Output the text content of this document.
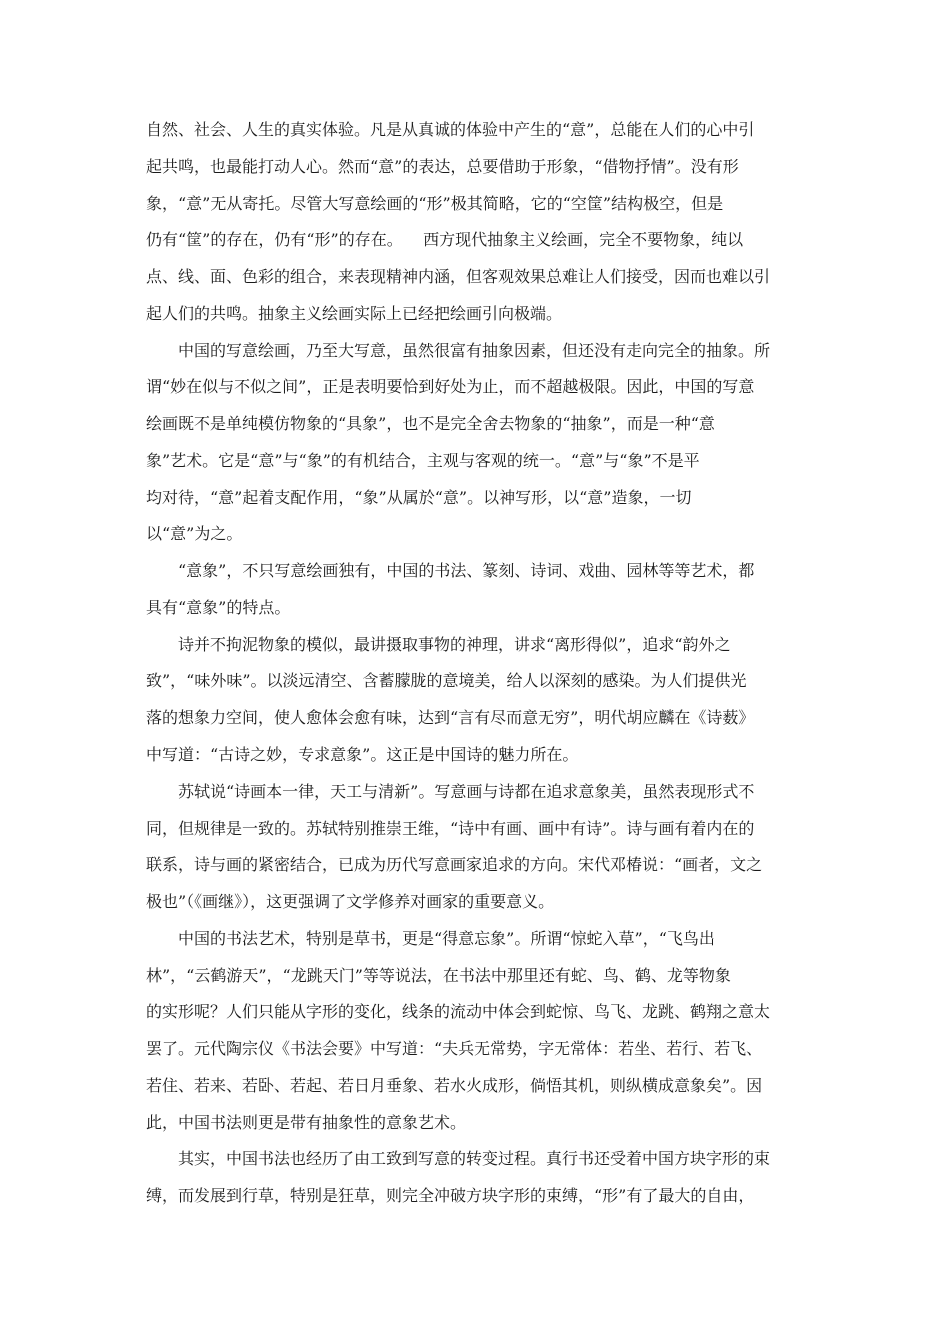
自然、社会、人生的真实体验。凡是从真诚的体验中产生的“意”，总能在人们的心中引
起共鸣，也最能打动人心。然而“意”的表达，总要借助于形象，“借物抒情”。没有形
象，“意”无从寄托。尽管大写意绘画的“形”极其简略，它的“空筐”结构极空，但是
仍有“筐”的存在，仍有“形”的存在。    西方现代抽象主义绘画，完全不要物象，纯以
点、线、面、色彩的组合，来表现精神内涵，但客观效果总难让人们接受，因而也难以引
起人们的共鸣。抽象主义绘画实际上已经把绘画引向极端。
中国的写意绘画，乃至大写意，虽然很富有抽象因素，但还没有走向完全的抽象。所
谓“妙在似与不似之间”，正是表明要恰到好处为止，而不超越极限。因此，中国的写意
绘画既不是单纯模仿物象的“具象”，也不是完全舍去物象的“抽象”，而是一种“意
象”艺术。它是“意”与“象”的有机结合，主观与客观的统一。“意”与“象”不是平
均对待，“意”起着支配作用，“象”从属於“意”。以神写形，以“意”造象，一切
以“意”为之。
“意象”，不只写意绘画独有，中国的书法、篆刻、诗词、戏曲、园林等等艺术，都
具有“意象”的特点。
诗并不拘泥物象的模似，最讲摄取事物的神理，讲求“离形得似”，追求“韵外之
致”，“味外味”。以淡远清空、含蓄朦胧的意境美，给人以深刻的感染。为人们提供光
落的想象力空间，使人愈体会愈有味，达到“言有尽而意无穷”，明代胡应麟在《诗薮》
中写道：“古诗之妙，专求意象”。这正是中国诗的魅力所在。
苏轼说“诗画本一律，天工与清新”。写意画与诗都在追求意象美，虽然表现形式不
同，但规律是一致的。苏轼特别推崇王维，“诗中有画、画中有诗”。诗与画有着内在的
联系，诗与画的紧密结合，已成为历代写意画家追求的方向。宋代邓椿说：“画者，文之
极也”（《画继》），这更强调了文学修养对画家的重要意义。
中国的书法艺术，特别是草书，更是“得意忘象”。所谓“惊蛇入草”，“飞鸟出
林”，“云鹤游天”，“龙跳天门”等等说法，在书法中那里还有蛇、鸟、鹤、龙等物象
的实形呢？人们只能从字形的变化，线条的流动中体会到蛇惊、鸟飞、龙跳、鹤翔之意太
罢了。元代陶宗仪《书法会要》中写道：“夫兵无常势，字无常体：若坐、若行、若飞、
若住、若来、若卧、若起、若日月垂象、若水火成形，倘悟其机，则纵横成意象矣”。因
此，中国书法则更是带有抽象性的意象艺术。
其实，中国书法也经历了由工致到写意的转变过程。真行书还受着中国方块字形的束
缚，而发展到行草，特别是狂草，则完全冲破方块字形的束缚，“形”有了最大的自由，
